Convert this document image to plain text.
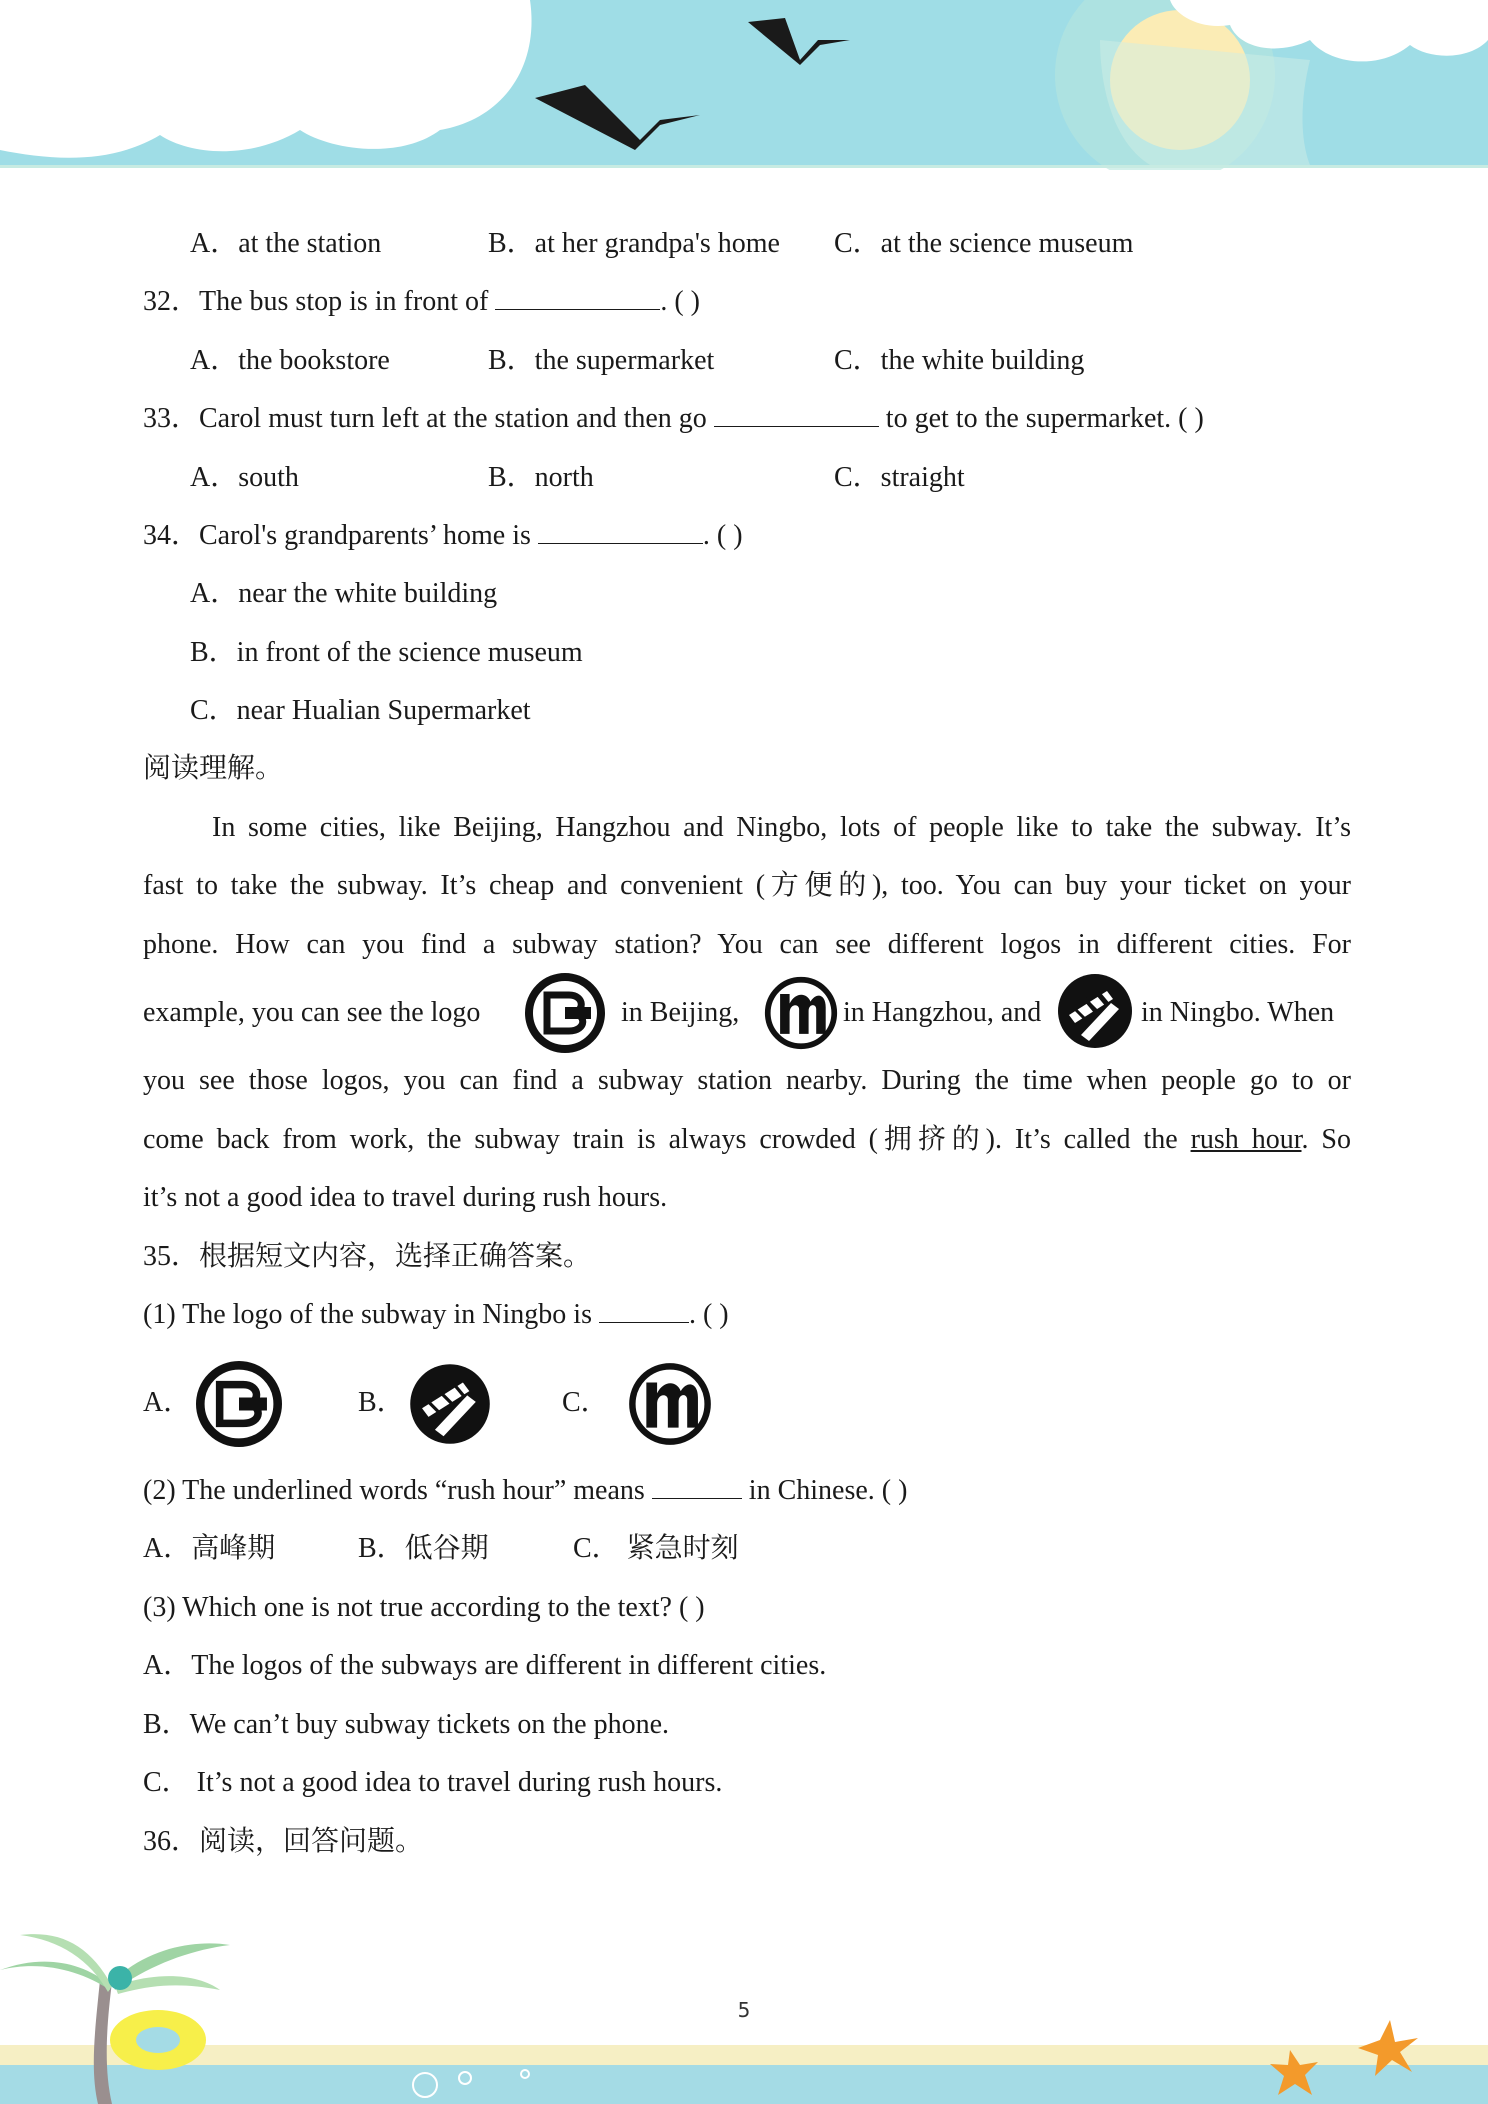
A．at the station	B．at her grandpa's home C．at the science museum
32．The bus stop is in front of	. ( )
A．the bookstore	B．the supermarket	C．the white building
33．Carol must turn left at the station and then go	to get to the supermarket. ( )
A．south	B．north	C．straight
34．Carol's grandparents’ home is	. ( )
A．near the white building
B．in front of the science museum
C．near Hualian Supermarket
阅读理解。
In some cities, like Beijing, Hangzhou and Ningbo, lots of people like to take the subway. It’s
fast to take the subway. It’s cheap and convenient (方便的), too. You can buy your ticket on your
phone. How can you find a subway station? You can see different logos in different cities. For
example, you can see the logo	in Beijing,	in Hangzhou, and	in Ningbo. When
you see those logos, you can find a subway station nearby. During the time when people go to or
come back from work, the subway train is always crowded (拥挤的). It’s called the rush hour. So
it’s not a good idea to travel during rush hours.
35．根据短文内容，选择正确答案。
(1) The logo of the subway in Ningbo is	. ( )
A．	B．	C．
(2) The underlined words “rush hour” means	in Chinese. ( )
A．高峰期	B．低谷期	C． 紧急时刻
(3) Which one is not true according to the text? ( )
A．The logos of the subways are different in different cities.
B．We can’t buy subway tickets on the phone.
C． It’s not a good idea to travel during rush hours.
36．阅读，回答问题。
5
